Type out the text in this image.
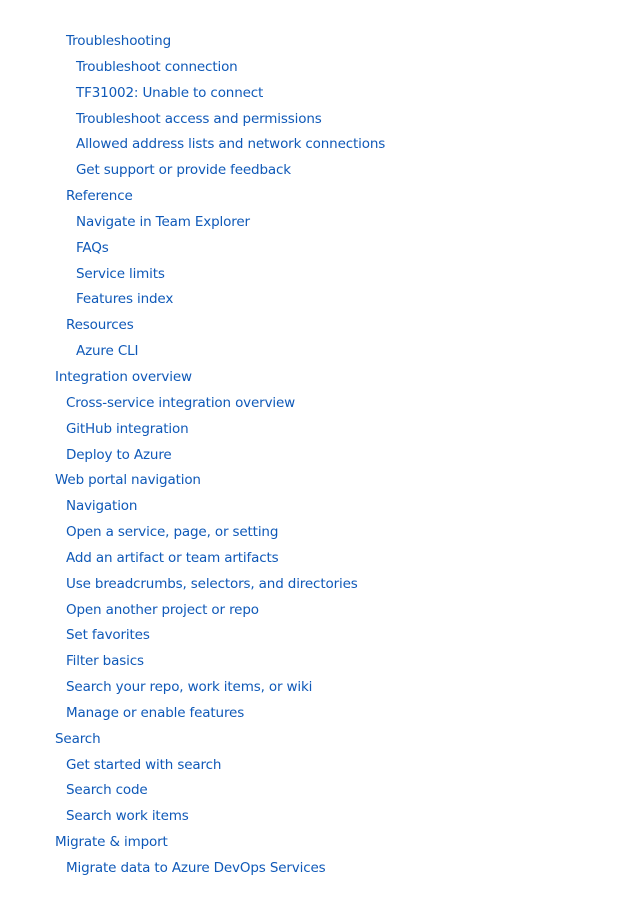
Troubleshooting
Troubleshoot connection
TF31002: Unable to connect
Troubleshoot access and permissions
Allowed address lists and network connections
Get support or provide feedback
Reference
Navigate in Team Explorer
FAQs
Service limits
Features index
Resources
Azure CLI
Integration overview
Cross-service integration overview
GitHub integration
Deploy to Azure
Web portal navigation
Navigation
Open a service, page, or setting
Add an artifact or team artifacts
Use breadcrumbs, selectors, and directories
Open another project or repo
Set favorites
Filter basics
Search your repo, work items, or wiki
Manage or enable features
Search
Get started with search
Search code
Search work items
Migrate & import
Migrate data to Azure DevOps Services
